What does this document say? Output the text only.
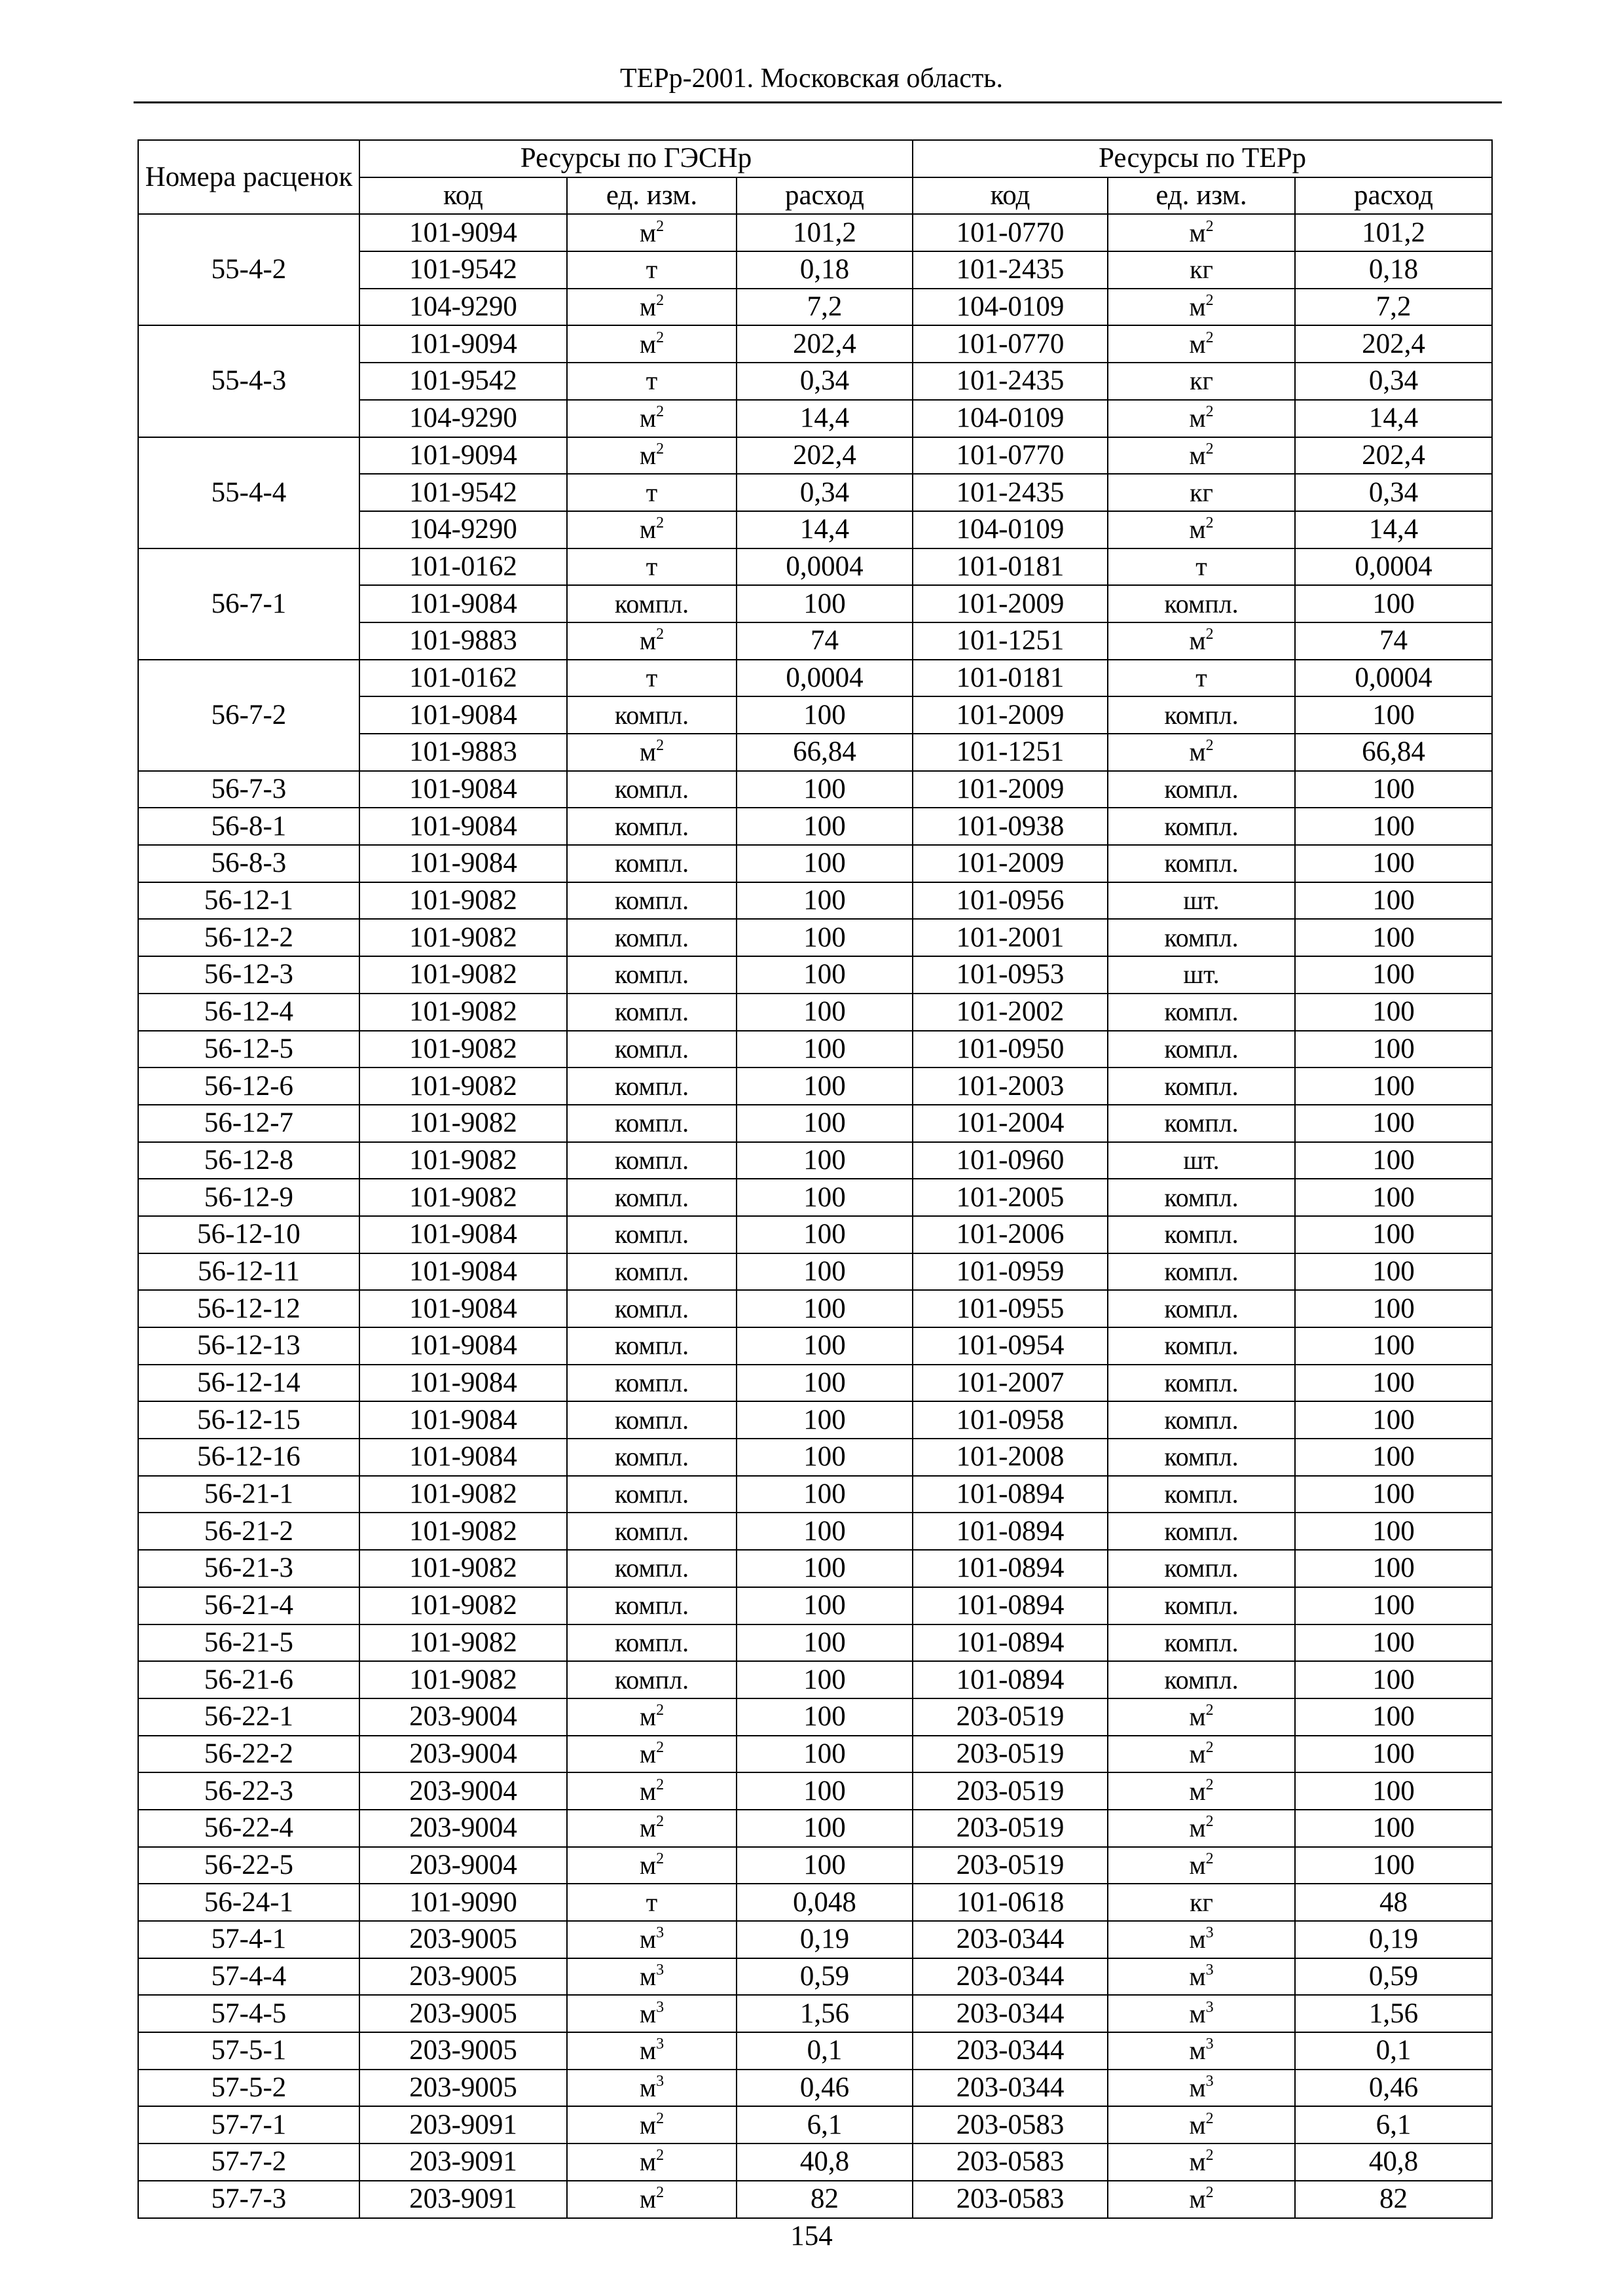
ТЕРр-2001. Московская область.
Номера расценок	Ресурсы по ГЭСНр			Ресурсы по ТЕРр		
	код	ед. изм.	расход	код	ед. изм.	расход
55-4-2	101-9094	$м^2$	101,2	101-0770	$м^2$	101,2
	101-9542	т	0,18	101-2435	кг	0,18
	104-9290	$м^2$	7,2	104-0109	$м^2$	7,2
55-4-3	101-9094	$м^2$	202,4	101-0770	$м^2$	202,4
	101-9542	т	0,34	101-2435	кг	0,34
	104-9290	$м^2$	14,4	104-0109	$м^2$	14,4
55-4-4	101-9094	$м^2$	202,4	101-0770	$м^2$	202,4
	101-9542	т	0,34	101-2435	кг	0,34
	104-9290	$м^2$	14,4	104-0109	$м^2$	14,4
56-7-1	101-0162	т	0,0004	101-0181	т	0,0004
	101-9084	компл.	100	101-2009	компл.	100
	101-9883	$м^2$	74	101-1251	$м^2$	74
56-7-2	101-0162	т	0,0004	101-0181	т	0,0004
	101-9084	компл.	100	101-2009	компл.	100
	101-9883	$м^2$	66,84	101-1251	$м^2$	66,84
56-7-3	101-9084	компл.	100	101-2009	компл.	100
56-8-1	101-9084	компл.	100	101-0938	компл.	100
56-8-3	101-9084	компл.	100	101-2009	компл.	100
56-12-1	101-9082	компл.	100	101-0956	шт.	100
56-12-2	101-9082	компл.	100	101-2001	компл.	100
56-12-3	101-9082	компл.	100	101-0953	шт.	100
56-12-4	101-9082	компл.	100	101-2002	компл.	100
56-12-5	101-9082	компл.	100	101-0950	компл.	100
56-12-6	101-9082	компл.	100	101-2003	компл.	100
56-12-7	101-9082	компл.	100	101-2004	компл.	100
56-12-8	101-9082	компл.	100	101-0960	шт.	100
56-12-9	101-9082	компл.	100	101-2005	компл.	100
56-12-10	101-9084	компл.	100	101-2006	компл.	100
56-12-11	101-9084	компл.	100	101-0959	компл.	100
56-12-12	101-9084	компл.	100	101-0955	компл.	100
56-12-13	101-9084	компл.	100	101-0954	компл.	100
56-12-14	101-9084	компл.	100	101-2007	компл.	100
56-12-15	101-9084	компл.	100	101-0958	компл.	100
56-12-16	101-9084	компл.	100	101-2008	компл.	100
56-21-1	101-9082	компл.	100	101-0894	компл.	100
56-21-2	101-9082	компл.	100	101-0894	компл.	100
56-21-3	101-9082	компл.	100	101-0894	компл.	100
56-21-4	101-9082	компл.	100	101-0894	компл.	100
56-21-5	101-9082	компл.	100	101-0894	компл.	100
56-21-6	101-9082	компл.	100	101-0894	компл.	100
56-22-1	203-9004	$м^2$	100	203-0519	$м^2$	100
56-22-2	203-9004	$м^2$	100	203-0519	$м^2$	100
56-22-3	203-9004	$м^2$	100	203-0519	$м^2$	100
56-22-4	203-9004	$м^2$	100	203-0519	$м^2$	100
56-22-5	203-9004	$м^2$	100	203-0519	$м^2$	100
56-24-1	101-9090	т	0,048	101-0618	кг	48
57-4-1	203-9005	$м^3$	0,19	203-0344	$м^3$	0,19
57-4-4	203-9005	$м^3$	0,59	203-0344	$м^3$	0,59
57-4-5	203-9005	$м^3$	1,56	203-0344	$м^3$	1,56
57-5-1	203-9005	$м^3$	0,1	203-0344	$м^3$	0,1
57-5-2	203-9005	$м^3$	0,46	203-0344	$м^3$	0,46
57-7-1	203-9091	$м^2$	6,1	203-0583	$м^2$	6,1
57-7-2	203-9091	$м^2$	40,8	203-0583	$м^2$	40,8
57-7-3	203-9091	$м^2$	82	203-0583	$м^2$	82
154
